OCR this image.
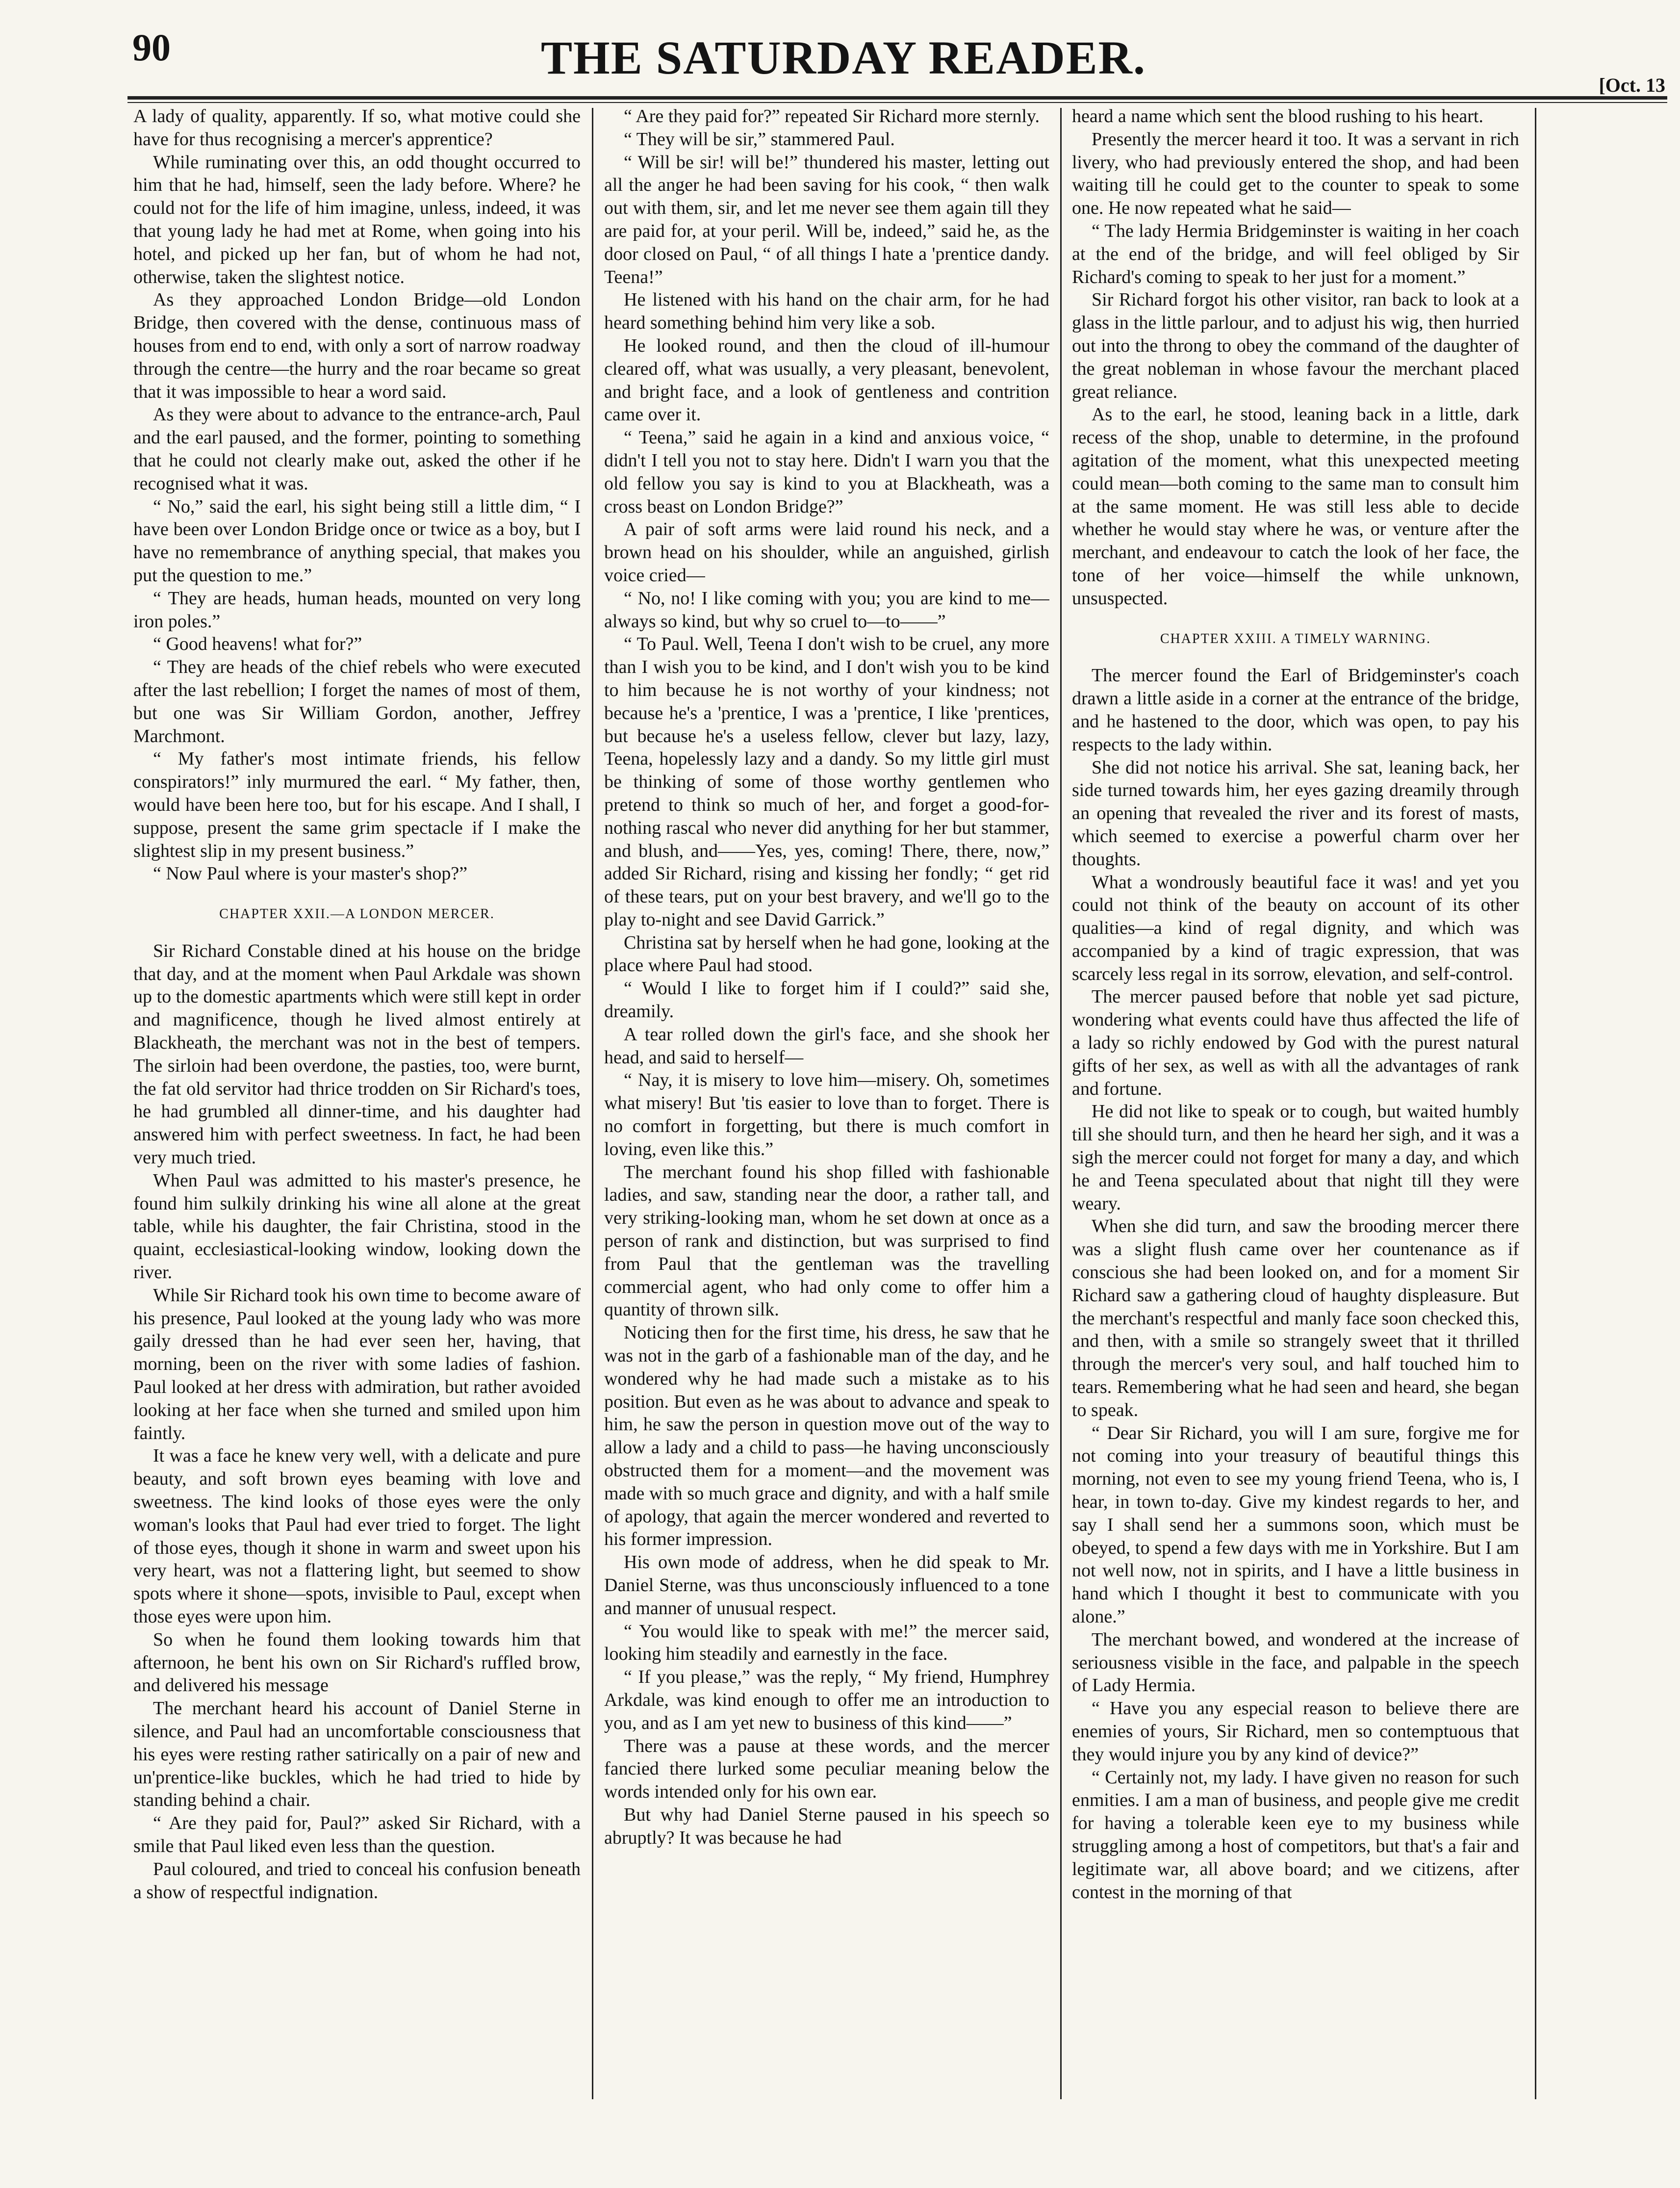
90	THE SATURDAY READER.
[Oct. 13

A lady of quality, apparently. If so, what motive could she have for thus recognising a mercer's apprentice?

While ruminating over this, an odd thought occurred to him that he had, himself, seen the lady before. Where? he could not for the life of him imagine, unless, indeed, it was that young lady he had met at Rome, when going into his hotel, and picked up her fan, but of whom he had not, otherwise, taken the slightest notice.

As they approached London Bridge—old London Bridge, then covered with the dense, continuous mass of houses from end to end, with only a sort of narrow roadway through the centre—the hurry and the roar became so great that it was impossible to hear a word said.

As they were about to advance to the entrance-arch, Paul and the earl paused, and the former, pointing to something that he could not clearly make out, asked the other if he recognised what it was.

“ No,” said the earl, his sight being still a little dim, “ I have been over London Bridge once or twice as a boy, but I have no remembrance of anything special, that makes you put the question to me.”

“ They are heads, human heads, mounted on very long iron poles.”

“ Good heavens! what for?”

“ They are heads of the chief rebels who were executed after the last rebellion; I forget the names of most of them, but one was Sir William Gordon, another, Jeffrey Marchmont.

“ My father's most intimate friends, his fellow conspirators!” inly murmured the earl. “ My father, then, would have been here too, but for his escape. And I shall, I suppose, present the same grim spectacle if I make the slightest slip in my present business.”

“ Now Paul where is your master's shop?”

CHAPTER XXII.—A LONDON MERCER.

Sir Richard Constable dined at his house on the bridge that day, and at the moment when Paul Arkdale was shown up to the domestic apartments which were still kept in order and magnificence, though he lived almost entirely at Blackheath, the merchant was not in the best of tempers. The sirloin had been overdone, the pasties, too, were burnt, the fat old servitor had thrice trodden on Sir Richard's toes, he had grumbled all dinner-time, and his daughter had answered him with perfect sweetness. In fact, he had been very much tried.

When Paul was admitted to his master's presence, he found him sulkily drinking his wine all alone at the great table, while his daughter, the fair Christina, stood in the quaint, ecclesiastical-looking window, looking down the river.

While Sir Richard took his own time to become aware of his presence, Paul looked at the young lady who was more gaily dressed than he had ever seen her, having, that morning, been on the river with some ladies of fashion. Paul looked at her dress with admiration, but rather avoided looking at her face when she turned and smiled upon him faintly.

It was a face he knew very well, with a delicate and pure beauty, and soft brown eyes beaming with love and sweetness. The kind looks of those eyes were the only woman's looks that Paul had ever tried to forget. The light of those eyes, though it shone in warm and sweet upon his very heart, was not a flattering light, but seemed to show spots where it shone—spots, invisible to Paul, except when those eyes were upon him.

So when he found them looking towards him that afternoon, he bent his own on Sir Richard's ruffled brow, and delivered his message

The merchant heard his account of Daniel Sterne in silence, and Paul had an uncomfortable consciousness that his eyes were resting rather satirically on a pair of new and un'prentice-like buckles, which he had tried to hide by standing behind a chair.

“ Are they paid for, Paul?” asked Sir Richard, with a smile that Paul liked even less than the question.

Paul coloured, and tried to conceal his confusion beneath a show of respectful indignation.

“ Are they paid for?” repeated Sir Richard more sternly.

“ They will be sir,” stammered Paul.

“ Will be sir! will be!” thundered his master, letting out all the anger he had been saving for his cook, “ then walk out with them, sir, and let me never see them again till they are paid for, at your peril. Will be, indeed,” said he, as the door closed on Paul, “ of all things I hate a 'prentice dandy. Teena!”

He listened with his hand on the chair arm, for he had heard something behind him very like a sob.

He looked round, and then the cloud of ill-humour cleared off, what was usually, a very pleasant, benevolent, and bright face, and a look of gentleness and contrition came over it.

“ Teena,” said he again in a kind and anxious voice, “ didn't I tell you not to stay here. Didn't I warn you that the old fellow you say is kind to you at Blackheath, was a cross beast on London Bridge?”

A pair of soft arms were laid round his neck, and a brown head on his shoulder, while an anguished, girlish voice cried—

“ No, no! I like coming with you; you are kind to me—always so kind, but why so cruel to—to——”

“ To Paul. Well, Teena I don't wish to be cruel, any more than I wish you to be kind, and I don't wish you to be kind to him because he is not worthy of your kindness; not because he's a 'prentice, I was a 'prentice, I like 'prentices, but because he's a useless fellow, clever but lazy, lazy, Teena, hopelessly lazy and a dandy. So my little girl must be thinking of some of those worthy gentlemen who pretend to think so much of her, and forget a good-for-nothing rascal who never did anything for her but stammer, and blush, and——Yes, yes, coming! There, there, now,” added Sir Richard, rising and kissing her fondly; “ get rid of these tears, put on your best bravery, and we'll go to the play to-night and see David Garrick.”

Christina sat by herself when he had gone, looking at the place where Paul had stood.

“ Would I like to forget him if I could?” said she, dreamily.

A tear rolled down the girl's face, and she shook her head, and said to herself—

“ Nay, it is misery to love him—misery. Oh, sometimes what misery! But 'tis easier to love than to forget. There is no comfort in forgetting, but there is much comfort in loving, even like this.”

The merchant found his shop filled with fashionable ladies, and saw, standing near the door, a rather tall, and very striking-looking man, whom he set down at once as a person of rank and distinction, but was surprised to find from Paul that the gentleman was the travelling commercial agent, who had only come to offer him a quantity of thrown silk.

Noticing then for the first time, his dress, he saw that he was not in the garb of a fashionable man of the day, and he wondered why he had made such a mistake as to his position. But even as he was about to advance and speak to him, he saw the person in question move out of the way to allow a lady and a child to pass—he having unconsciously obstructed them for a moment—and the movement was made with so much grace and dignity, and with a half smile of apology, that again the mercer wondered and reverted to his former impression.

His own mode of address, when he did speak to Mr. Daniel Sterne, was thus unconsciously influenced to a tone and manner of unusual respect.

“ You would like to speak with me!” the mercer said, looking him steadily and earnestly in the face.

“ If you please,” was the reply, “ My friend, Humphrey Arkdale, was kind enough to offer me an introduction to you, and as I am yet new to business of this kind——”

There was a pause at these words, and the mercer fancied there lurked some peculiar meaning below the words intended only for his own ear.

But why had Daniel Sterne paused in his speech so abruptly? It was because he had

heard a name which sent the blood rushing to his heart.

Presently the mercer heard it too. It was a servant in rich livery, who had previously entered the shop, and had been waiting till he could get to the counter to speak to some one. He now repeated what he said—

“ The lady Hermia Bridgeminster is waiting in her coach at the end of the bridge, and will feel obliged by Sir Richard's coming to speak to her just for a moment.”

Sir Richard forgot his other visitor, ran back to look at a glass in the little parlour, and to adjust his wig, then hurried out into the throng to obey the command of the daughter of the great nobleman in whose favour the merchant placed great reliance.

As to the earl, he stood, leaning back in a little, dark recess of the shop, unable to determine, in the profound agitation of the moment, what this unexpected meeting could mean—both coming to the same man to consult him at the same moment. He was still less able to decide whether he would stay where he was, or venture after the merchant, and endeavour to catch the look of her face, the tone of her voice—himself the while unknown, unsuspected.

CHAPTER XXIII. A TIMELY WARNING.

The mercer found the Earl of Bridgeminster's coach drawn a little aside in a corner at the entrance of the bridge, and he hastened to the door, which was open, to pay his respects to the lady within.

She did not notice his arrival. She sat, leaning back, her side turned towards him, her eyes gazing dreamily through an opening that revealed the river and its forest of masts, which seemed to exercise a powerful charm over her thoughts.

What a wondrously beautiful face it was! and yet you could not think of the beauty on account of its other qualities—a kind of regal dignity, and which was accompanied by a kind of tragic expression, that was scarcely less regal in its sorrow, elevation, and self-control.

The mercer paused before that noble yet sad picture, wondering what events could have thus affected the life of a lady so richly endowed by God with the purest natural gifts of her sex, as well as with all the advantages of rank and fortune.

He did not like to speak or to cough, but waited humbly till she should turn, and then he heard her sigh, and it was a sigh the mercer could not forget for many a day, and which he and Teena speculated about that night till they were weary.

When she did turn, and saw the brooding mercer there was a slight flush came over her countenance as if conscious she had been looked on, and for a moment Sir Richard saw a gathering cloud of haughty displeasure. But the merchant's respectful and manly face soon checked this, and then, with a smile so strangely sweet that it thrilled through the mercer's very soul, and half touched him to tears. Remembering what he had seen and heard, she began to speak.

“ Dear Sir Richard, you will I am sure, forgive me for not coming into your treasury of beautiful things this morning, not even to see my young friend Teena, who is, I hear, in town to-day. Give my kindest regards to her, and say I shall send her a summons soon, which must be obeyed, to spend a few days with me in Yorkshire. But I am not well now, not in spirits, and I have a little business in hand which I thought it best to communicate with you alone.”

The merchant bowed, and wondered at the increase of seriousness visible in the face, and palpable in the speech of Lady Hermia.

“ Have you any especial reason to believe there are enemies of yours, Sir Richard, men so contemptuous that they would injure you by any kind of device?”

“ Certainly not, my lady. I have given no reason for such enmities. I am a man of business, and people give me credit for having a tolerable keen eye to my business while struggling among a host of competitors, but that's a fair and legitimate war, all above board; and we citizens, after contest in the morning of that
